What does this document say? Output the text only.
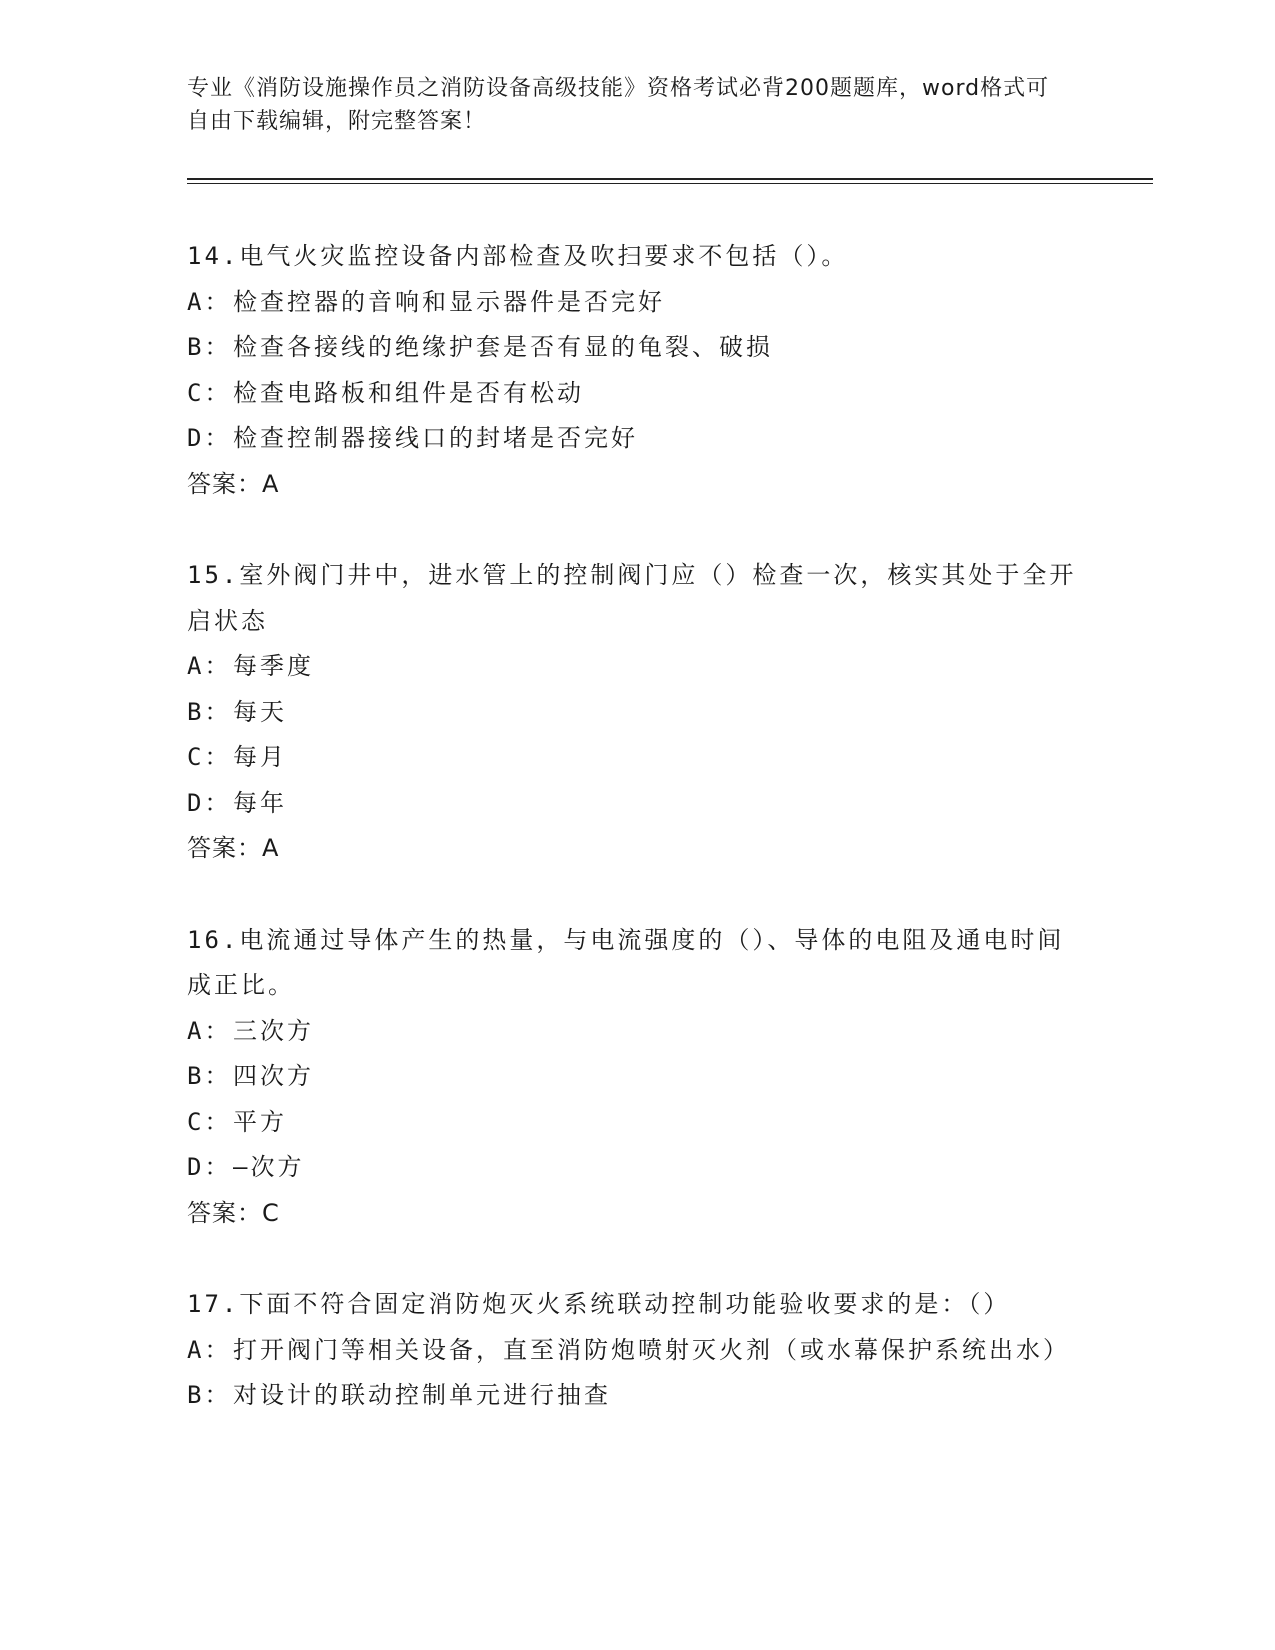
专业《消防设施操作员之消防设备高级技能》资格考试必背200题题库，word格式可自由下载编辑，附完整答案！
14.电气火灾监控设备内部检查及吹扫要求不包括（）。
A：检查控器的音响和显示器件是否完好
B：检查各接线的绝缘护套是否有显的龟裂、破损
C：检查电路板和组件是否有松动
D：检查控制器接线口的封堵是否完好
答案：A
15.室外阀门井中，进水管上的控制阀门应（）检查一次，核实其处于全开启状态
A：每季度
B：每天
C：每月
D：每年
答案：A
16.电流通过导体产生的热量，与电流强度的（）、导体的电阻及通电时间成正比。
A：三次方
B：四次方
C：平方
D：—次方
答案：C
17.下面不符合固定消防炮灭火系统联动控制功能验收要求的是：（）
A：打开阀门等相关设备，直至消防炮喷射灭火剂（或水幕保护系统出水）
B：对设计的联动控制单元进行抽查
